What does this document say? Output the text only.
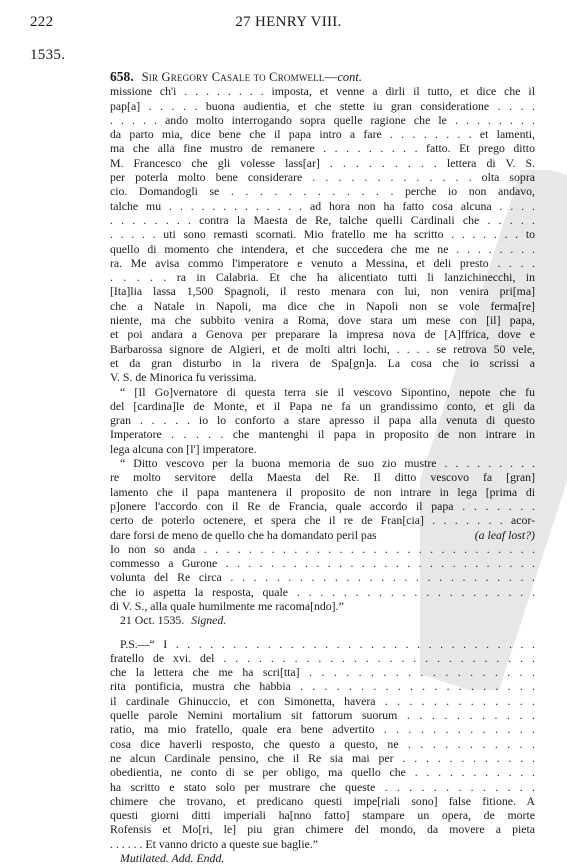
222	27 HENRY VIII.
1535.
658. Sir Gregory Casale to Cromwell—cont.
missione ch'i . . . . . . . . imposta, et venne a dirli il tutto, et dice che il
pap[a] . . . . . buona audientia, et che stette iu gran consideratione . . . .
. . . . . ando molto interrogando sopra quelle ragione che le . . . . . . . .
da parto mia, dice bene che il papa intro a fare . . . . . . . . et lamenti,
ma che alla fine mustro de remanere . . . . . . . . . fatto. Et prego ditto
M. Francesco che gli volesse lass[ar] . . . . . . . . . lettera di V. S.
per poterla molto bene considerare . . . . . . . . . . . . . olta sopra
cio. Domandogli se . . . . . . . . . . . . perche io non andavo,
talche mu . . . . . . . . . . . . . ad hora non ha fatto cosa alcuna . . . .
. . . . . . . . contra la Maesta de Re, talche quelli Cardinali che . . . . .
. . . . . uti sono remasti scornati. Mio fratello me ha scritto . . . . . . . to
quello di momento che intendera, et che succedera che me ne . . . . . . . .
ra. Me avisa commo l'imperatore e venuto a Messina, et deli presto . . . .
. . . . . ra in Calabria. Et che ha alicentiato tutti li lanzichinecchi, in
[Ita]lia lassa 1,500 Spagnoli, il resto menara con lui, non venira pri[ma]
che a Natale in Napoli, ma dice che in Napoli non se vole ferma[re]
niente, ma che subbito venira a Roma, dove stara um mese con [il] papa,
et poi andara a Genova per preparare la impresa nova de [A]ffrica, dove e
Barbarossa signore de Algieri, et de molti altri lochi, . . . . se retrova 50 vele,
et da gran disturbo in la rivera de Spa[gn]a. La cosa che io scrissi a
V. S. de Minorica fu verissima.
“ [Il Go]vernatore di questa terra sie il vescovo Sipontino, nepote che fu
del [cardina]le de Monte, et il Papa ne fa un grandissimo conto, et gli da
gran . . . . . io lo conforto a stare apresso il papa alla venuta di questo
Imperatore . . . . . che mantenghi il papa in proposito de non intrare in
lega alcuna con [l'] imperatore.
“ Ditto vescovo per la buona memoria de suo zio mustre . . . . . . . . .
re molto servitore della Maesta del Re. Il ditto vescovo fa [gran]
lamento che il papa mantenera il proposito de non intrare in lega [prima di
p]onere l'accordo con il Re de Francia, quale accordo il papa . . . . . . .
certo de poterlo octenere, et spera che il re de Fran[cia] . . . . . . . acor-
dare forsi de meno de quello che ha domandato peril pas	(a leaf lost?)
Io non so anda . . . . . . . . . . . . . . . . . . . . . . . . . . . . . .
commesso a Gurone . . . . . . . . . . . . . . . . . . . . . . . . . . . .
volunta del Re circa . . . . . . . . . . . . . . . . . . . . . . . . . . .
che io aspetta la resposta, quale . . . . . . . . . . . . . . . . . . . . .
di V. S., alla quale humilmente me racoma[ndo].”
21 Oct. 1535. Signed.
P.S.—“ I . . . . . . . . . . . . . . . . . . . . . . . . . . . . . . . .
fratello de xvi. del . . . . . . . . . . . . . . . . . . . . . . . . . . .
che la lettera che me ha scri[tta] . . . . . . . . . . . . . . . . . . .
rita pontificia, mustra che habbia . . . . . . . . . . . . . . . . . . . .
il cardinale Ghinuccio, et con Simonetta, havera . . . . . . . . . . . . .
quelle parole Nemini mortalium sit fattorum suorum . . . . . . . . . . .
ratio, ma mio fratello, quale era bene advertito . . . . . . . . . . . . .
cosa dice haverli resposto, che questo a questo, ne . . . . . . . . . . .
ne alcun Cardinale pensino, che il Re sia mai per . . . . . . . . . . . .
obedientia, ne conto di se per obligo, ma quello che . . . . . . . . . . .
ha scritto e stato solo per mustrare che queste . . . . . . . . . . . . .
chimere che trovano, et predicano questi impe[riali sono] false fitione. A
questi giorni ditti imperiali ha[nno fatto] stampare un opera, de morte
Rofensis et Mo[ri, le] piu gran chimere del mondo, da movere a pieta
. . . . . . Et vanno dricto a queste sue baglie.”
Mutilated. Add. Endd.
